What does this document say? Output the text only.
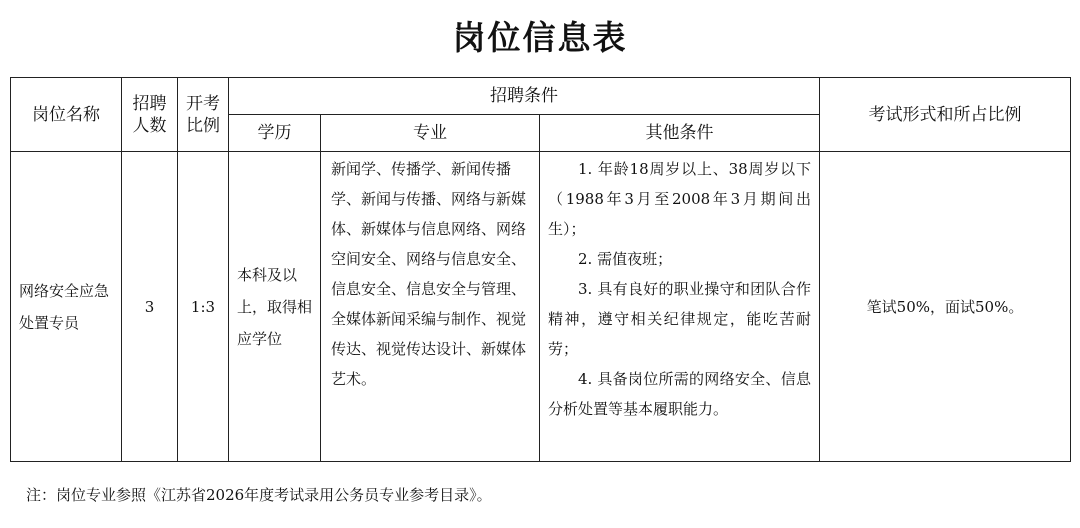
岗位信息表
岗位名称	招聘人数	开考比例	招聘条件			考试形式和所占比例
			学历	专业	其他条件	
网络安全应急处置专员	3	1:3	本科及以上，取得相应学位	新闻学、传播学、新闻传播学、新闻与传播、网络与新媒体、新媒体与信息网络、网络空间安全、网络与信息安全、信息安全、信息安全与管理、全媒体新闻采编与制作、视觉传达、视觉传达设计、新媒体艺术。	1. 年龄18周岁以上、38周岁以下（1988年3月至2008年3月期间出生）；

2. 需值夜班；

3. 具有良好的职业操守和团队合作精神，遵守相关纪律规定，能吃苦耐劳；

4. 具备岗位所需的网络安全、信息分析处置等基本履职能力。	笔试50%，面试50%。

注：岗位专业参照《江苏省2026年度考试录用公务员专业参考目录》。
